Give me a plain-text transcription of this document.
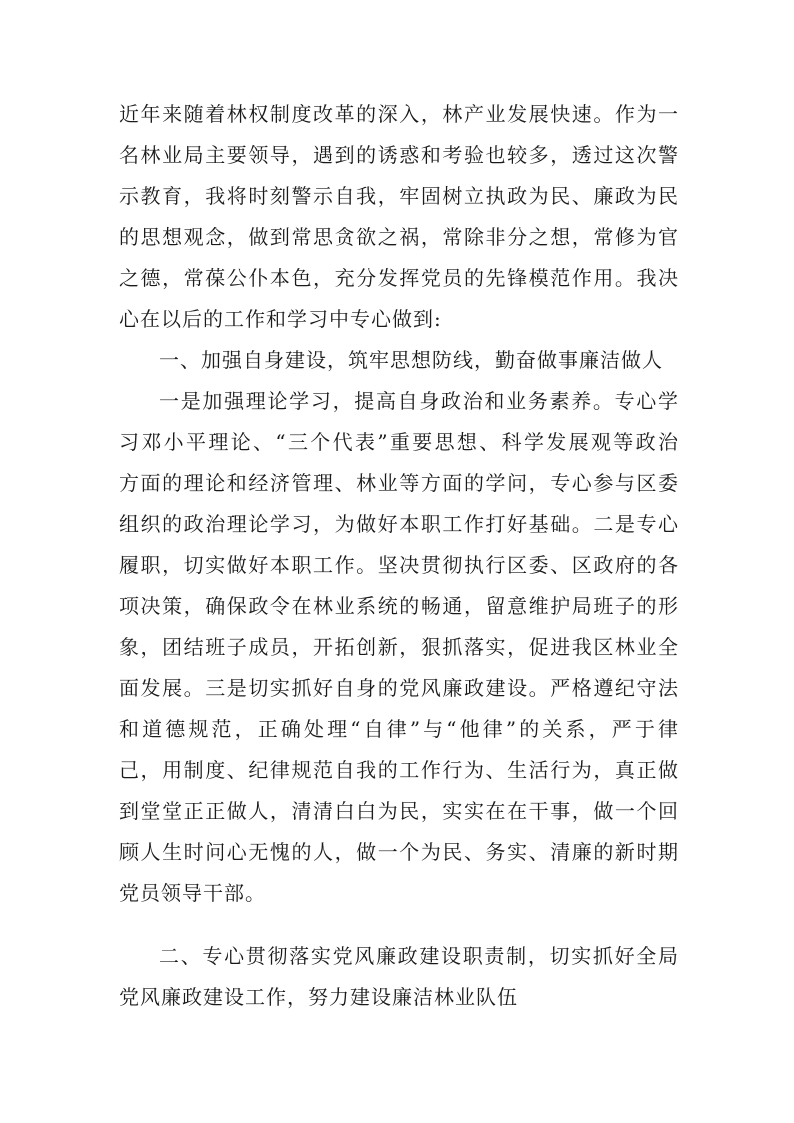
近年来随着林权制度改革的深入，林产业发展快速。作为一
名林业局主要领导，遇到的诱惑和考验也较多，透过这次警
示教育，我将时刻警示自我，牢固树立执政为民、廉政为民
的思想观念，做到常思贪欲之祸，常除非分之想，常修为官
之德，常葆公仆本色，充分发挥党员的先锋模范作用。我决
心在以后的工作和学习中专心做到:
一、加强自身建设，筑牢思想防线，勤奋做事廉洁做人
一是加强理论学习，提高自身政治和业务素养。专心学
习邓小平理论、“三个代表”重要思想、科学发展观等政治
方面的理论和经济管理、林业等方面的学问，专心参与区委
组织的政治理论学习，为做好本职工作打好基础。二是专心
履职，切实做好本职工作。坚决贯彻执行区委、区政府的各
项决策，确保政令在林业系统的畅通，留意维护局班子的形
象，团结班子成员，开拓创新，狠抓落实，促进我区林业全
面发展。三是切实抓好自身的党风廉政建设。严格遵纪守法
和道德规范，正确处理“自律”与“他律”的关系，严于律
己，用制度、纪律规范自我的工作行为、生活行为，真正做
到堂堂正正做人，清清白白为民，实实在在干事，做一个回
顾人生时问心无愧的人，做一个为民、务实、清廉的新时期
党员领导干部。
二、专心贯彻落实党风廉政建设职责制，切实抓好全局
党风廉政建设工作，努力建设廉洁林业队伍
